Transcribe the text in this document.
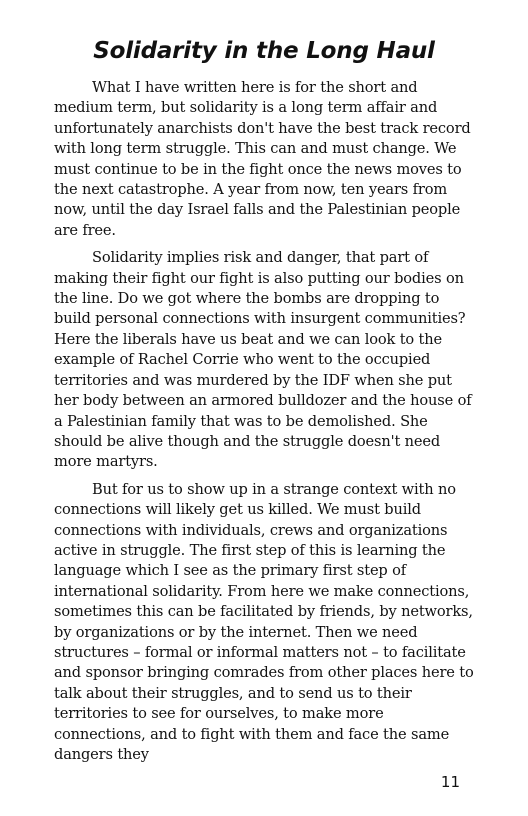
Solidarity in the Long Haul

What I have written here is for the short and medium term, but solidarity is a long term affair and unfortunately anarchists don't have the best track record with long term struggle. This can and must change. We must continue to be in the fight once the news moves to the next catastrophe. A year from now, ten years from now, until the day Israel falls and the Palestinian people are free.

Solidarity implies risk and danger, that part of making their fight our fight is also putting our bodies on the line. Do we got where the bombs are dropping to build personal connections with insurgent communities? Here the liberals have us beat and we can look to the example of Rachel Corrie who went to the occupied territories and was murdered by the IDF when she put her body between an armored bulldozer and the house of a Palestinian family that was to be demolished. She should be alive though and the struggle doesn't need more martyrs.

But for us to show up in a strange context with no connections will likely get us killed. We must build connections with individuals, crews and organizations active in struggle. The first step of this is learning the language which I see as the primary first step of international solidarity. From here we make connections, sometimes this can be facilitated by friends, by networks, by organizations or by the internet. Then we need structures – formal or informal matters not – to facilitate and sponsor bringing comrades from other places here to talk about their struggles, and to send us to their territories to see for ourselves, to make more connections, and to fight with them and face the same dangers they

11
